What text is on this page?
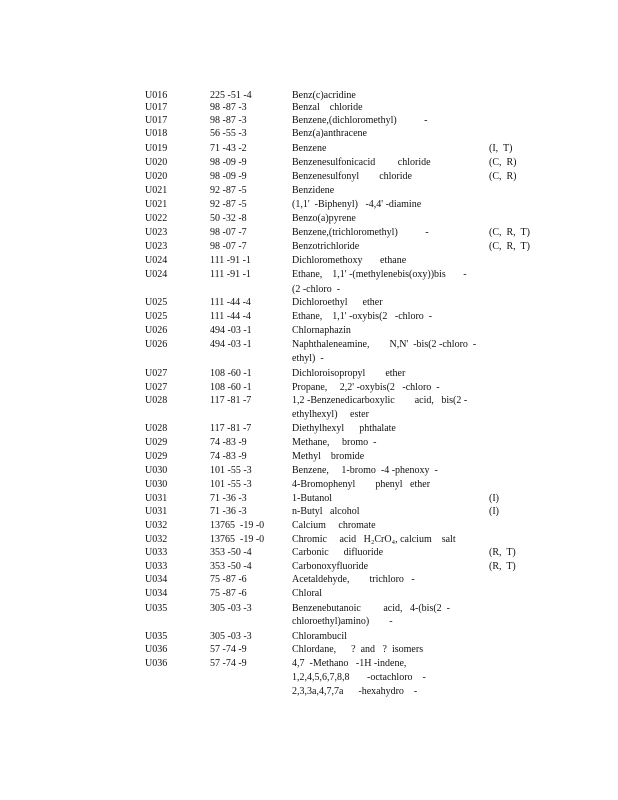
U016	225 -51 -4	Benz(c)acridine
U017	98 -87 -3	Benzal    chloride
U017	98 -87 -3	Benzene,(dichloromethyl)           -
U018	56 -55 -3	Benz(a)anthracene
U019	71 -43 -2	Benzene	(I,  T)
U020	98 -09 -9	Benzenesulfonicacid         chloride	(C,  R)
U020	98 -09 -9	Benzenesulfonyl        chloride	(C,  R)
U021	92 -87 -5	Benzidene
U021	92 -87 -5	(1,1'  -Biphenyl)   -4,4' -diamine
U022	50 -32 -8	Benzo(a)pyrene
U023	98 -07 -7	Benzene,(trichloromethyl)           -	(C,  R,  T)
U023	98 -07 -7	Benzotrichloride	(C,  R,  T)
U024	111 -91 -1	Dichloromethoxy       ethane
U024	111 -91 -1	Ethane,    1,1' -(methylenebis(oxy))bis       -
(2 -chloro  -
U025	111 -44 -4	Dichloroethyl      ether
U025	111 -44 -4	Ethane,    1,1' -oxybis(2   -chloro  -
U026	494 -03 -1	Chlornaphazin
U026	494 -03 -1	Naphthaleneamine,        N,N'  -bis(2 -chloro  -
ethyl)  -
U027	108 -60 -1	Dichloroisopropyl        ether
U027	108 -60 -1	Propane,     2,2' -oxybis(2   -chloro  -
U028	117 -81 -7	1,2 -Benzenedicarboxylic        acid,   bis(2 -
ethylhexyl)     ester
U028	117 -81 -7	Diethylhexyl      phthalate
U029	74 -83 -9	Methane,     bromo  -
U029	74 -83 -9	Methyl    bromide
U030	101 -55 -3	Benzene,     1-bromo  -4 -phenoxy  -
U030	101 -55 -3	4-Bromophenyl        phenyl   ether
U031	71 -36 -3	1-Butanol	(I)
U031	71 -36 -3	n-Butyl   alcohol	(I)
U032	13765  -19 -0	Calcium     chromate
U032	13765  -19 -0	Chromic     acid   H₂CrO₄, calcium    salt
U033	353 -50 -4	Carbonic      difluoride	(R,  T)
U033	353 -50 -4	Carbonoxyfluoride	(R,  T)
U034	75 -87 -6	Acetaldehyde,        trichloro   -
U034	75 -87 -6	Chloral
U035	305 -03 -3	Benzenebutanoic         acid,   4-(bis(2  -
chloroethyl)amino)        -
U035	305 -03 -3	Chlorambucil
U036	57 -74 -9	Chlordane,      ?  and   ?  isomers
U036	57 -74 -9	4,7  -Methano   -1H -indene,
1,2,4,5,6,7,8,8       -octachloro    -
2,3,3a,4,7,7a      -hexahydro    -
